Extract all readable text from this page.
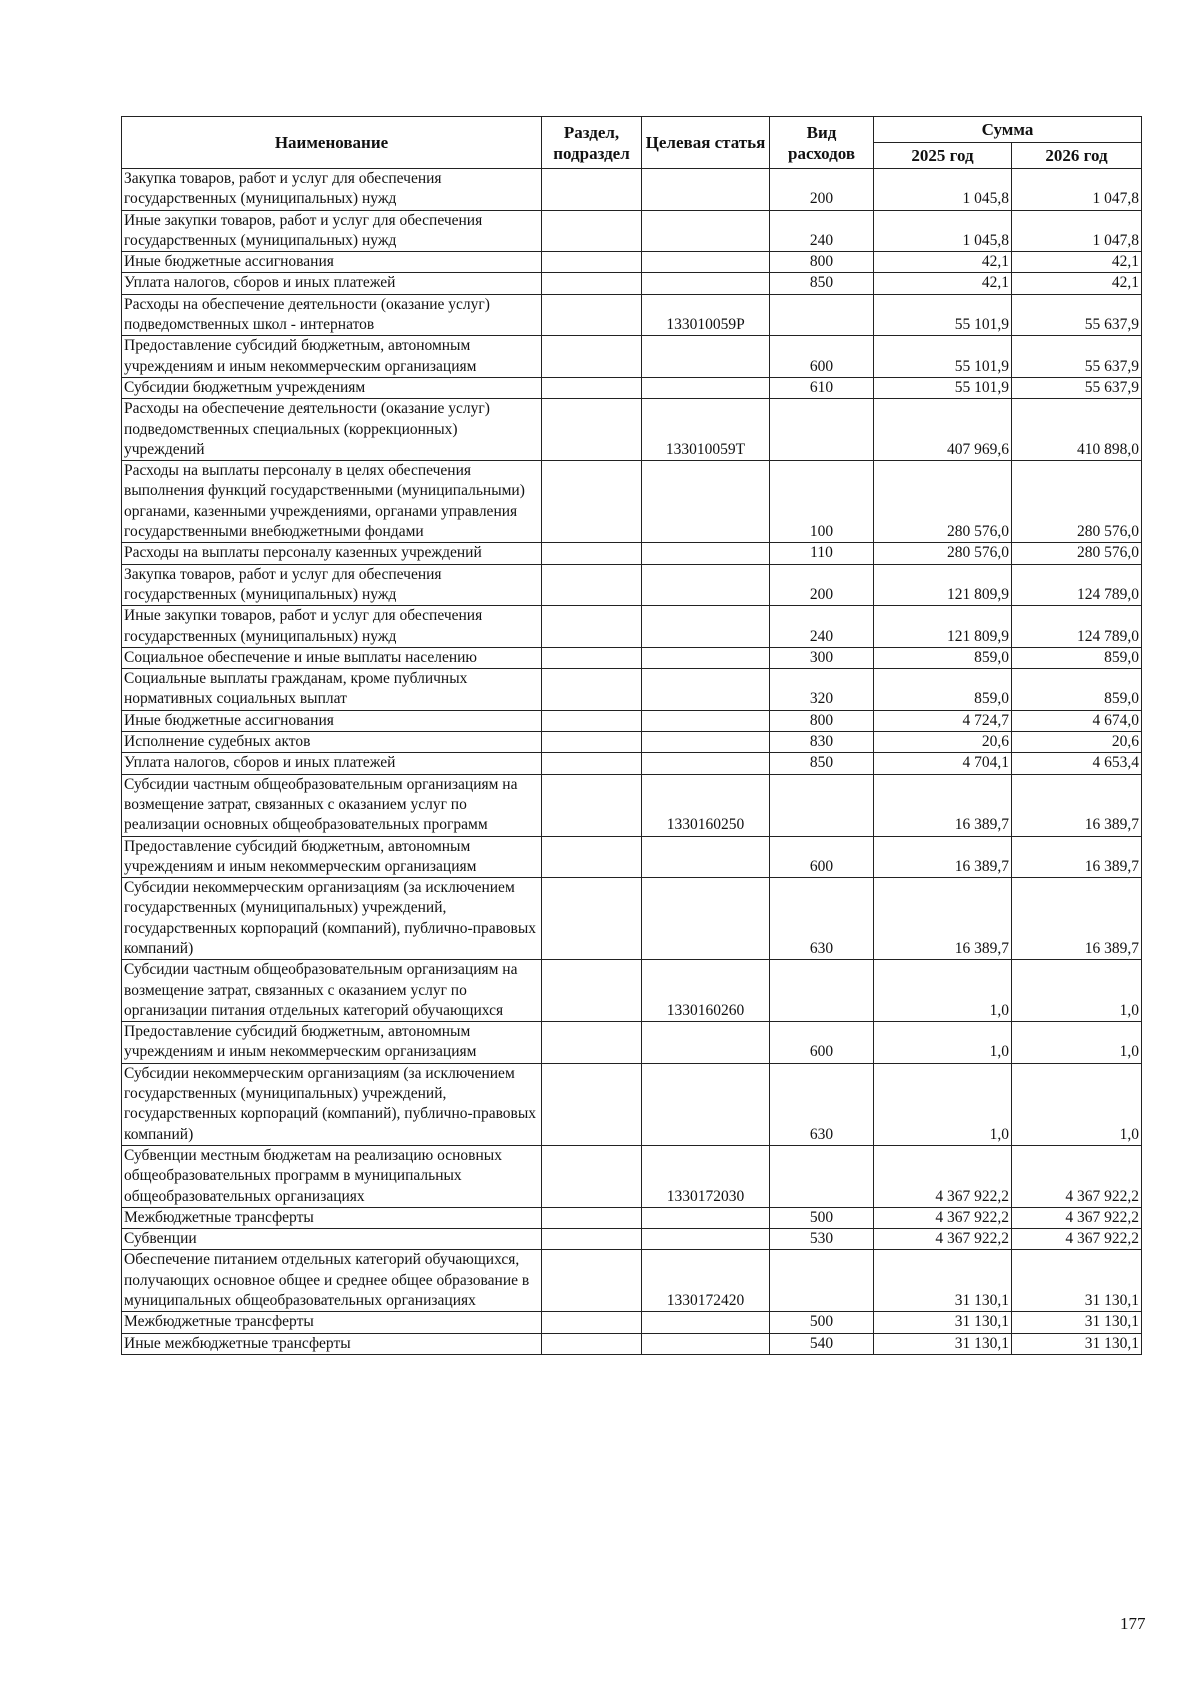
Наименование	Раздел, подраздел	Целевая статья	Вид расходов	Сумма	
				2025 год	2026 год
Закупка товаров, работ и услуг для обеспечения государственных (муниципальных) нужд			200	1 045,8	1 047,8
Иные закупки товаров, работ и услуг для обеспечения государственных (муниципальных) нужд			240	1 045,8	1 047,8
Иные бюджетные ассигнования			800	42,1	42,1
Уплата налогов, сборов и иных платежей			850	42,1	42,1
Расходы на обеспечение деятельности (оказание услуг) подведомственных школ - интернатов		133010059Р		55 101,9	55 637,9
Предоставление субсидий бюджетным, автономным учреждениям и иным некоммерческим организациям			600	55 101,9	55 637,9
Субсидии бюджетным учреждениям			610	55 101,9	55 637,9
Расходы на обеспечение деятельности (оказание услуг) подведомственных специальных (коррекционных) учреждений		133010059Т		407 969,6	410 898,0
Расходы на выплаты персоналу в целях обеспечения выполнения функций государственными (муниципальными) органами, казенными учреждениями, органами управления государственными внебюджетными фондами			100	280 576,0	280 576,0
Расходы на выплаты персоналу казенных учреждений			110	280 576,0	280 576,0
Закупка товаров, работ и услуг для обеспечения государственных (муниципальных) нужд			200	121 809,9	124 789,0
Иные закупки товаров, работ и услуг для обеспечения государственных (муниципальных) нужд			240	121 809,9	124 789,0
Социальное обеспечение и иные выплаты населению			300	859,0	859,0
Социальные выплаты гражданам, кроме публичных нормативных социальных выплат			320	859,0	859,0
Иные бюджетные ассигнования			800	4 724,7	4 674,0
Исполнение судебных актов			830	20,6	20,6
Уплата налогов, сборов и иных платежей			850	4 704,1	4 653,4
Субсидии частным общеобразовательным организациям на возмещение затрат, связанных с оказанием услуг по реализации основных общеобразовательных программ		1330160250		16 389,7	16 389,7
Предоставление субсидий бюджетным, автономным учреждениям и иным некоммерческим организациям			600	16 389,7	16 389,7
Субсидии некоммерческим организациям (за исключением государственных (муниципальных) учреждений, государственных корпораций (компаний), публично-правовых компаний)			630	16 389,7	16 389,7
Субсидии частным общеобразовательным организациям на возмещение затрат, связанных с оказанием услуг по организации питания отдельных категорий обучающихся		1330160260		1,0	1,0
Предоставление субсидий бюджетным, автономным учреждениям и иным некоммерческим организациям			600	1,0	1,0
Субсидии некоммерческим организациям (за исключением государственных (муниципальных) учреждений, государственных корпораций (компаний), публично-правовых компаний)			630	1,0	1,0
Субвенции местным бюджетам на реализацию основных общеобразовательных программ в муниципальных общеобразовательных организациях		1330172030		4 367 922,2	4 367 922,2
Межбюджетные трансферты			500	4 367 922,2	4 367 922,2
Субвенции			530	4 367 922,2	4 367 922,2
Обеспечение питанием отдельных категорий обучающихся, получающих основное общее и среднее общее образование в муниципальных общеобразовательных организациях		1330172420		31 130,1	31 130,1
Межбюджетные трансферты			500	31 130,1	31 130,1
Иные межбюджетные трансферты			540	31 130,1	31 130,1
177
